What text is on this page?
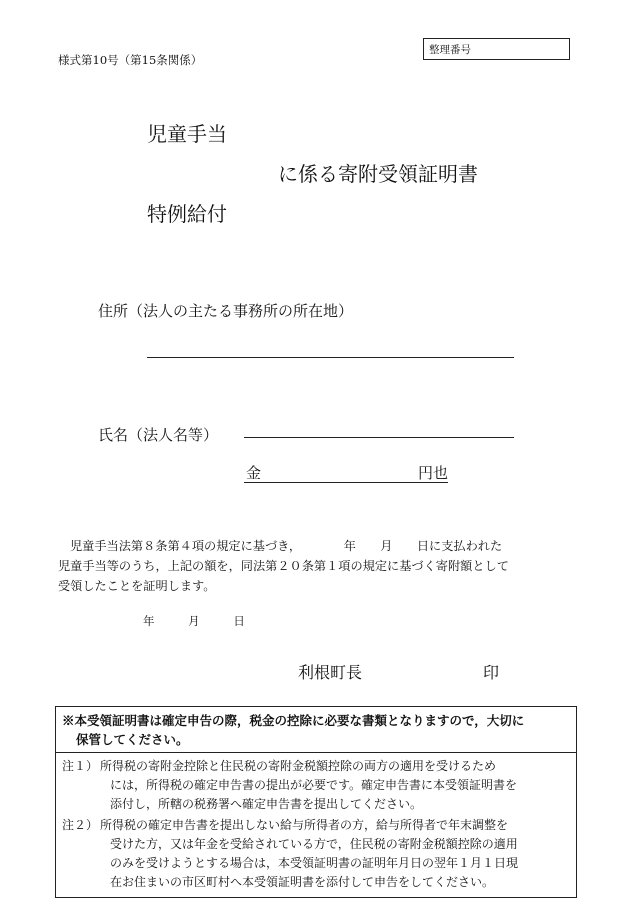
様式第10号（第15条関係）
整理番号
児童手当
に係る寄附受領証明書
特例給付
住所（法人の主たる事務所の所在地）
氏名（法人名等）
金	円也
児童手当法第８条第４項の規定に基づき，　　　　年　　月　　日に支払われた
児童手当等のうち，上記の額を，同法第２０条第１項の規定に基づく寄附額として
受領したことを証明します。
年	月	日
利根町長	印
※本受領証明書は確定申告の際，税金の控除に必要な書類となりますので，大切に
保管してください。
注１） 所得税の寄附金控除と住民税の寄附金税額控除の両方の適用を受けるため
には，所得税の確定申告書の提出が必要です。確定申告書に本受領証明書を
添付し，所轄の税務署へ確定申告書を提出してください。
注２） 所得税の確定申告書を提出しない給与所得者の方，給与所得者で年末調整を
受けた方，又は年金を受給されている方で，住民税の寄附金税額控除の適用
のみを受けようとする場合は，本受領証明書の証明年月日の翌年１月１日現
在お住まいの市区町村へ本受領証明書を添付して申告をしてください。
